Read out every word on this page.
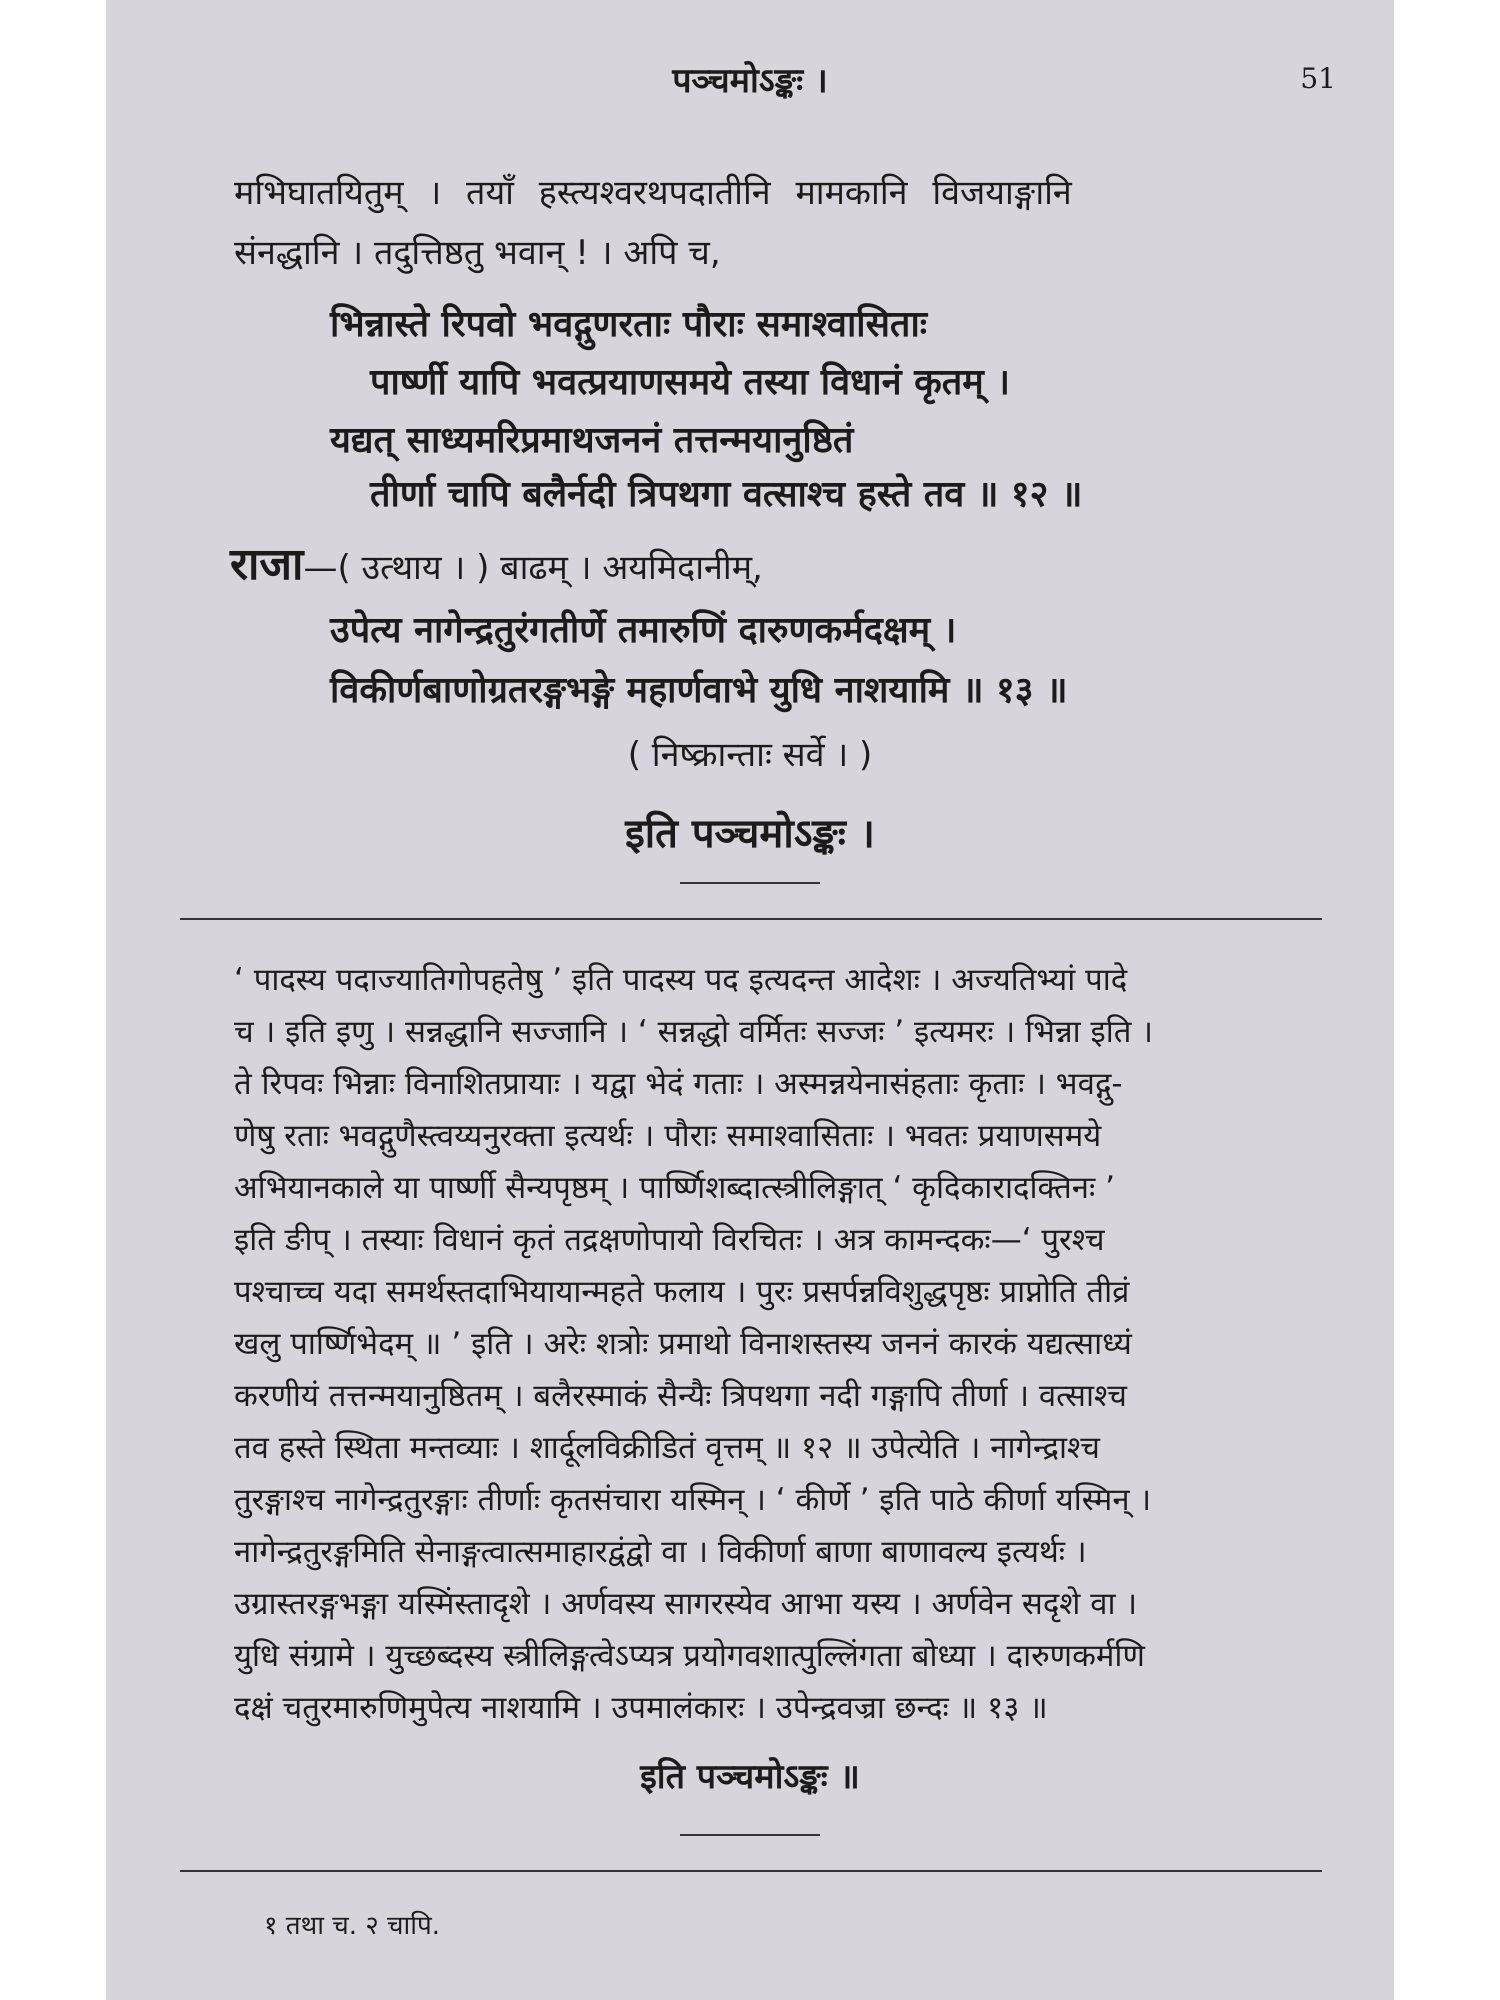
पञ्चमोऽङ्कः ।	51
मभिघातयितुम् । तयाँ हस्त्यश्वरथपदातीनि मामकानि विजयाङ्गानि
संनद्धानि । तदुत्तिष्ठतु भवान् ! । अपि च,
भिन्नास्ते रिपवो भवद्गुणरताः पौराः समाश्वासिताः
पार्ष्णी यापि भवत्प्रयाणसमये तस्या विधानं कृतम् ।
यद्यत् साध्यमरिप्रमाथजननं तत्तन्मयानुष्ठितं
तीर्णा चापि बलैर्नदी त्रिपथगा वत्साश्च हस्ते तव ॥ १२ ॥
राजा—( उत्थाय । ) बाढम् । अयमिदानीम्,
उपेत्य नागेन्द्रतुरंगतीर्णे तमारुणिं दारुणकर्मदक्षम् ।
विकीर्णबाणोग्रतरङ्गभङ्गे महार्णवाभे युधि नाशयामि ॥ १३ ॥
( निष्क्रान्ताः सर्वे । )
इति पञ्चमोऽङ्कः ।
‘ पादस्य पदाज्यातिगोपहतेषु ’ इति पादस्य पद इत्यदन्त आदेशः । अज्यतिभ्यां पादे
च । इति इणु । सन्नद्धानि सज्जानि । ‘ सन्नद्धो वर्मितः सज्जः ’ इत्यमरः । भिन्ना इति ।
ते रिपवः भिन्नाः विनाशितप्रायाः । यद्वा भेदं गताः । अस्मन्नयेनासंहताः कृताः । भवद्गु-
णेषु रताः भवद्गुणैस्त्वय्यनुरक्ता इत्यर्थः । पौराः समाश्वासिताः । भवतः प्रयाणसमये
अभियानकाले या पार्ष्णी सैन्यपृष्ठम् । पार्ष्णिशब्दात्स्त्रीलिङ्गात् ‘ कृदिकारादक्तिनः ’
इति ङीप् । तस्याः विधानं कृतं तद्रक्षणोपायो विरचितः । अत्र कामन्दकः—‘ पुरश्च
पश्चाच्च यदा समर्थस्तदाभियायान्महते फलाय । पुरः प्रसर्पन्नविशुद्धपृष्ठः प्राप्नोति तीव्रं
खलु पार्ष्णिभेदम् ॥ ’ इति । अरेः शत्रोः प्रमाथो विनाशस्तस्य जननं कारकं यद्यत्साध्यं
करणीयं तत्तन्मयानुष्ठितम् । बलैरस्माकं सैन्यैः त्रिपथगा नदी गङ्गापि तीर्णा । वत्साश्च
तव हस्ते स्थिता मन्तव्याः । शार्दूलविक्रीडितं वृत्तम् ॥ १२ ॥ उपेत्येति । नागेन्द्राश्च
तुरङ्गाश्च नागेन्द्रतुरङ्गाः तीर्णाः कृतसंचारा यस्मिन् । ‘ कीर्णे ’ इति पाठे कीर्णा यस्मिन् ।
नागेन्द्रतुरङ्गमिति सेनाङ्गत्वात्समाहारद्वंद्वो वा । विकीर्णा बाणा बाणावल्य इत्यर्थः ।
उग्रास्तरङ्गभङ्गा यस्मिंस्तादृशे । अर्णवस्य सागरस्येव आभा यस्य । अर्णवेन सदृशे वा ।
युधि संग्रामे । युच्छब्दस्य स्त्रीलिङ्गत्वेऽप्यत्र प्रयोगवशात्पुल्लिंगता बोध्या । दारुणकर्मणि
दक्षं चतुरमारुणिमुपेत्य नाशयामि । उपमालंकारः । उपेन्द्रवज्रा छन्दः ॥ १३ ॥
इति पञ्चमोऽङ्कः ॥
१ तथा च. २ चापि.
